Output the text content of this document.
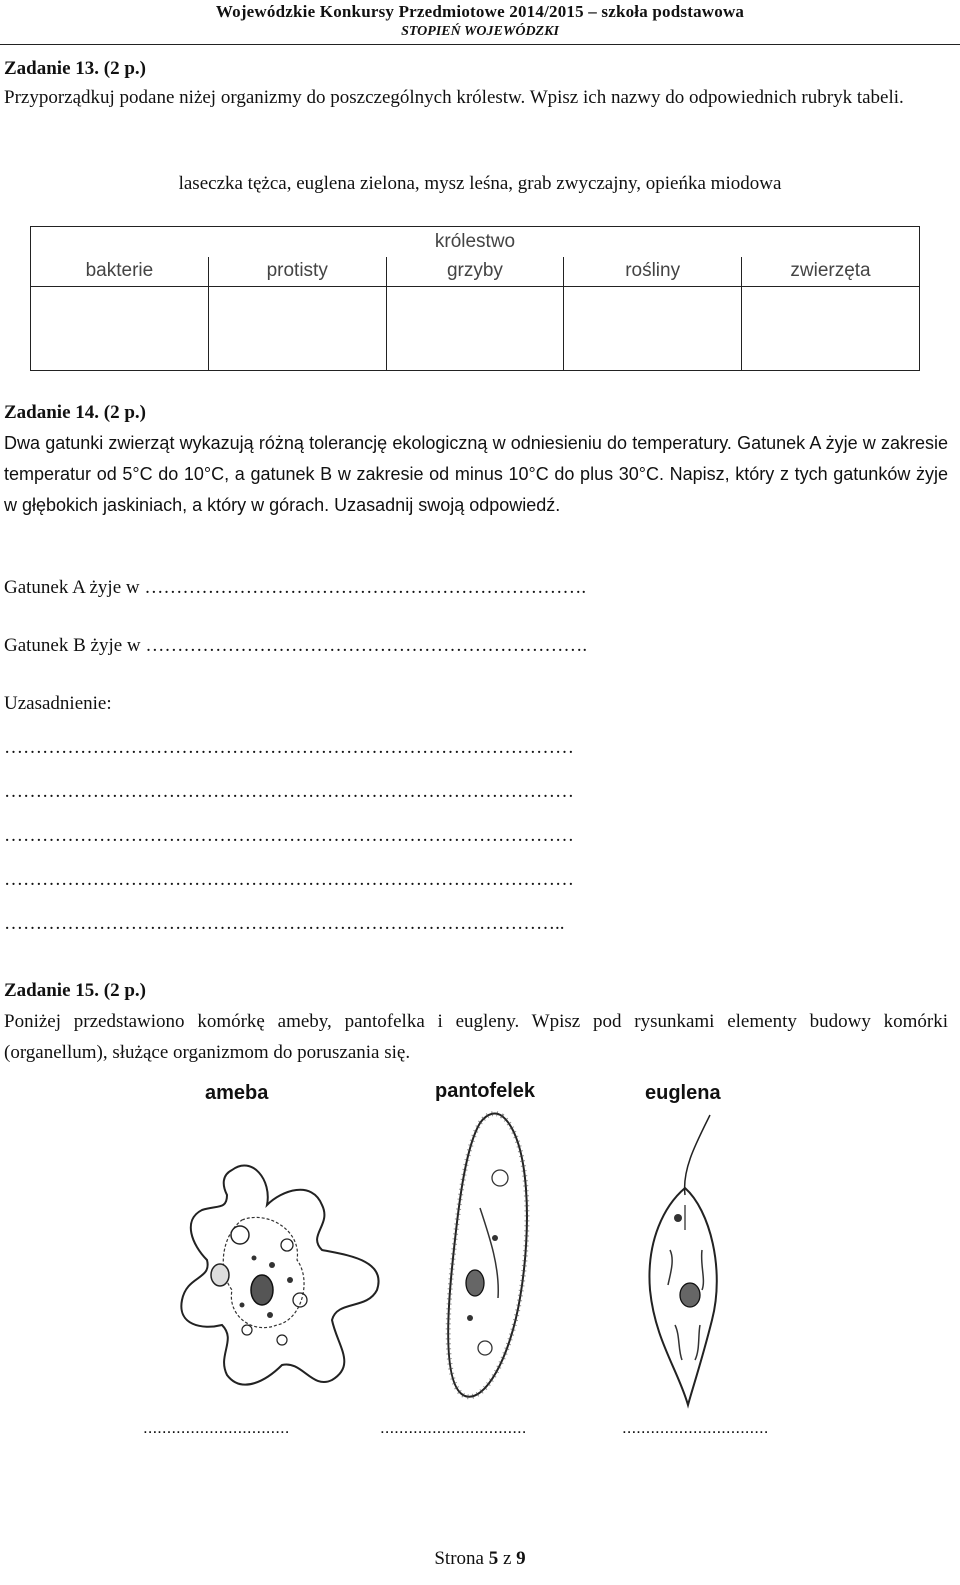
Wojewódzkie Konkursy Przedmiotowe 2014/2015 – szkoła podstawowa
STOPIEŃ WOJEWÓDZKI
Zadanie 13. (2 p.)
Przyporządkuj podane niżej organizmy do poszczególnych królestw. Wpisz ich nazwy do odpowiednich rubryk tabeli.
laseczka tężca, euglena zielona, mysz leśna, grab zwyczajny, opieńka miodowa
królestwo				
bakterie	protisty	grzyby	rośliny	zwierzęta

Zadanie 14. (2 p.)
Dwa gatunki zwierząt wykazują różną tolerancję ekologiczną w odniesieniu do temperatury. Gatunek A żyje w zakresie temperatur od 5°C do 10°C, a gatunek B w zakresie od minus 10°C do plus 30°C. Napisz, który z tych gatunków żyje w głębokich jaskiniach, a który w górach. Uzasadnij swoją odpowiedź.
Gatunek A żyje w …………………………………………………………….
Gatunek B żyje w …………………………………………………………….
Uzasadnienie:
………………………………………………………………………………
………………………………………………………………………………
………………………………………………………………………………
………………………………………………………………………………
……………………………………………………………………………..
Zadanie 15. (2 p.)
Poniżej przedstawiono komórkę ameby, pantofelka i eugleny. Wpisz pod rysunkami elementy budowy komórki (organellum), służące organizmom do poruszania się.
ameba	pantofelek	euglena
...............................	...............................	...............................
Strona 5 z 9
